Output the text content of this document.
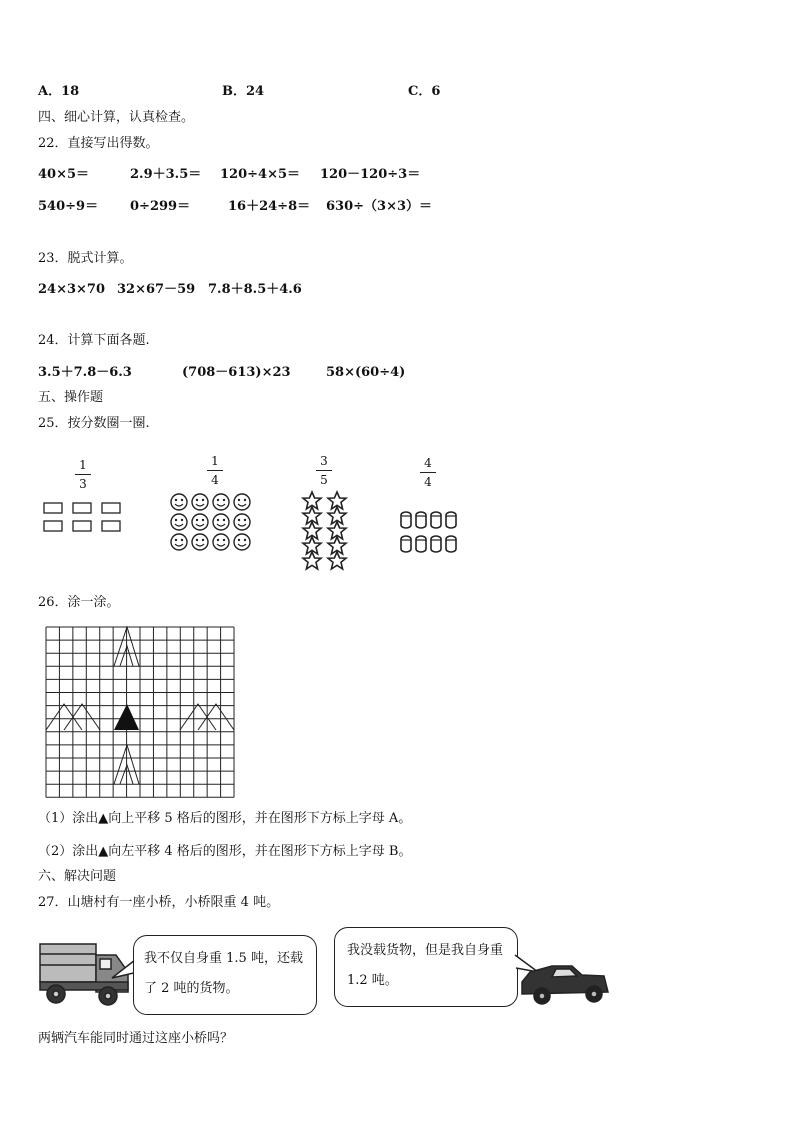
A．18	B．24	C．6
四、细心计算，认真检查。
22．直接写出得数。
40×5＝	2.9＋3.5＝ 120÷4×5＝ 120－120÷3＝
540÷9＝ 0÷299＝	16＋24÷8＝ 630÷（3×3）＝
23．脱式计算。
24×3×70 32×67－59 7.8＋8.5＋4.6
24．计算下面各题.
3.5＋7.8－6.3	(708－613)×23	58×(60÷4)
五、操作题
25．按分数圈一圈.
1
3
1
4
3
5
4
4
26．涂一涂。
（1）涂出▲向上平移 5 格后的图形，并在图形下方标上字母 A。
（2）涂出▲向左平移 4 格后的图形，并在图形下方标上字母 B。
六、解决问题
27．山塘村有一座小桥，小桥限重 4 吨。
我不仅自身重 1.5 吨，还载了 2 吨的货物。
我没载货物，但是我自身重 1.2 吨。
两辆汽车能同时通过这座小桥吗？
